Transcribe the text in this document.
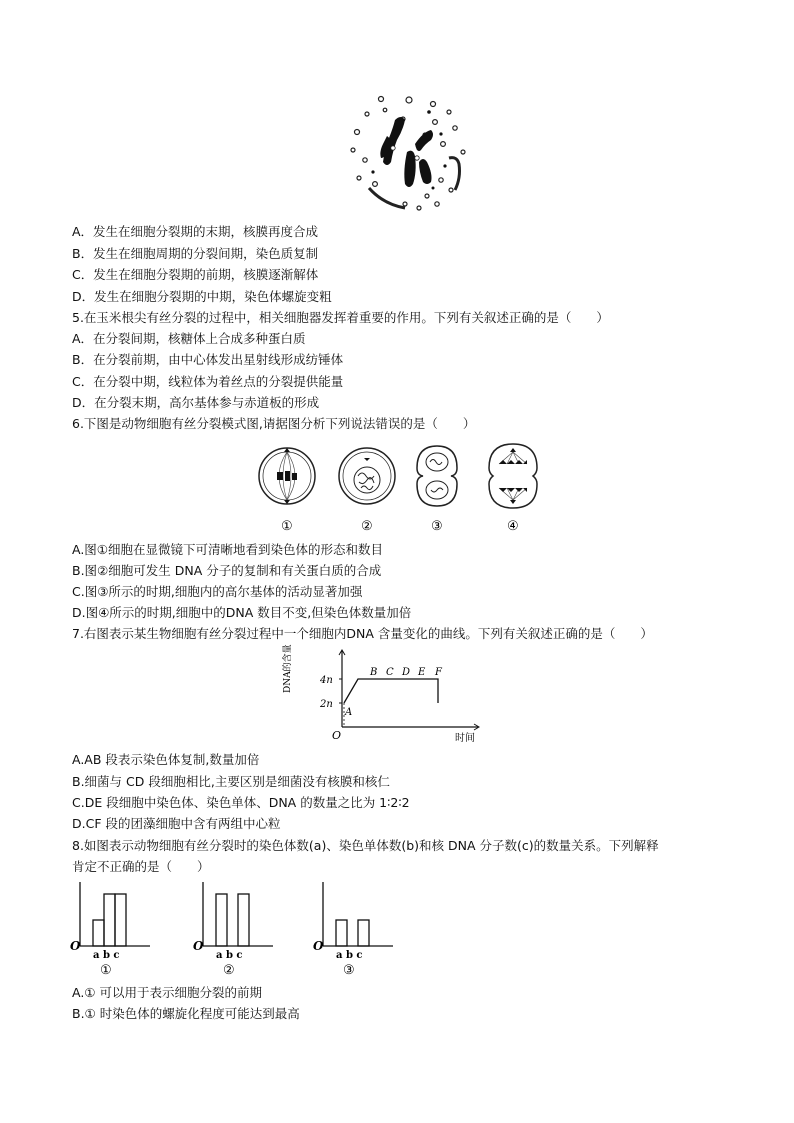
A．发生在细胞分裂期的末期，核膜再度合成
B．发生在细胞周期的分裂间期，染色质复制
C．发生在细胞分裂期的前期，核膜逐渐解体
D．发生在细胞分裂期的中期，染色体螺旋变粗
5.在玉米根尖有丝分裂的过程中，相关细胞器发挥着重要的作用。下列有关叙述正确的是（　　）
A．在分裂间期，核糖体上合成多种蛋白质
B．在分裂前期，由中心体发出星射线形成纺锤体
C．在分裂中期，线粒体为着丝点的分裂提供能量
D．在分裂末期，高尔基体参与赤道板的形成
6.下图是动物细胞有丝分裂模式图,请据图分析下列说法错误的是（　　）
①	②	③	④
A.图①细胞在显微镜下可清晰地看到染色体的形态和数目
B.图②细胞可发生 DNA 分子的复制和有关蛋白质的合成
C.图③所示的时期,细胞内的高尔基体的活动显著加强
D.图④所示的时期,细胞中的DNA 数目不变,但染色体数量加倍
7.右图表示某生物细胞有丝分裂过程中一个细胞内DNA 含量变化的曲线。下列有关叙述正确的是（　　）
4n
2n
O	时间
DNA的含量
A
B C D E F
A.AB 段表示染色体复制,数量加倍
B.细菌与 CD 段细胞相比,主要区别是细菌没有核膜和核仁
C.DE 段细胞中染色体、染色单体、DNA 的数量之比为 1∶2∶2
D.CF 段的团藻细胞中含有两组中心粒
8.如图表示动物细胞有丝分裂时的染色体数(a)、染色单体数(b)和核 DNA 分子数(c)的数量关系。下列解释
肯定不正确的是（　　）
O
a b c
①
O
a b c
②
O
a b c
③
A.① 可以用于表示细胞分裂的前期
B.① 时染色体的螺旋化程度可能达到最高
